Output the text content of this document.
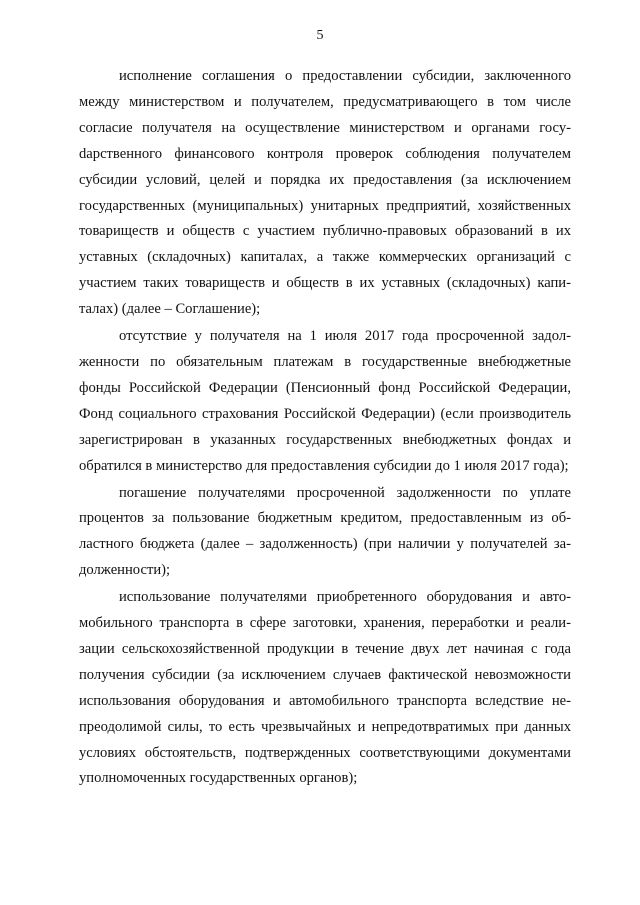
5

исполнение соглашения о предоставлении субсидии, заключенного между министерством и получателем, предусматривающего в том числе согласие получателя на осуществление министерством и органами госуdарственного финансового контроля проверок соблюдения получателем субсидии условий, целей и порядка их предоставления (за исключением государственных (муниципальных) унитарных предприятий, хозяйственных товариществ и обществ с участием публично-правовых образований в их уставных (складочных) капиталах, а также коммерческих организаций с участием таких товариществ и обществ в их уставных (складочных) капиталах) (далее – Соглашение);

отсутствие у получателя на 1 июля 2017 года просроченной задолженности по обязательным платежам в государственные внебюджетные фонды Российской Федерации (Пенсионный фонд Российской Федерации, Фонд социального страхования Российской Федерации) (если производитель зарегистрирован в указанных государственных внебюджетных фондах и обратился в министерство для предоставления субсидии до 1 июля 2017 года);

погашение получателями просроченной задолженности по уплате процентов за пользование бюджетным кредитом, предоставленным из областного бюджета (далее – задолженность) (при наличии у получателей задолженности);

использование получателями приобретенного оборудования и автомобильного транспорта в сфере заготовки, хранения, переработки и реализации сельскохозяйственной продукции в течение двух лет начиная с года получения субсидии (за исключением случаев фактической невозможности использования оборудования и автомобильного транспорта вследствие непреодолимой силы, то есть чрезвычайных и непредотвратимых при данных условиях обстоятельств, подтвержденных соответствующими документами уполномоченных государственных органов);
